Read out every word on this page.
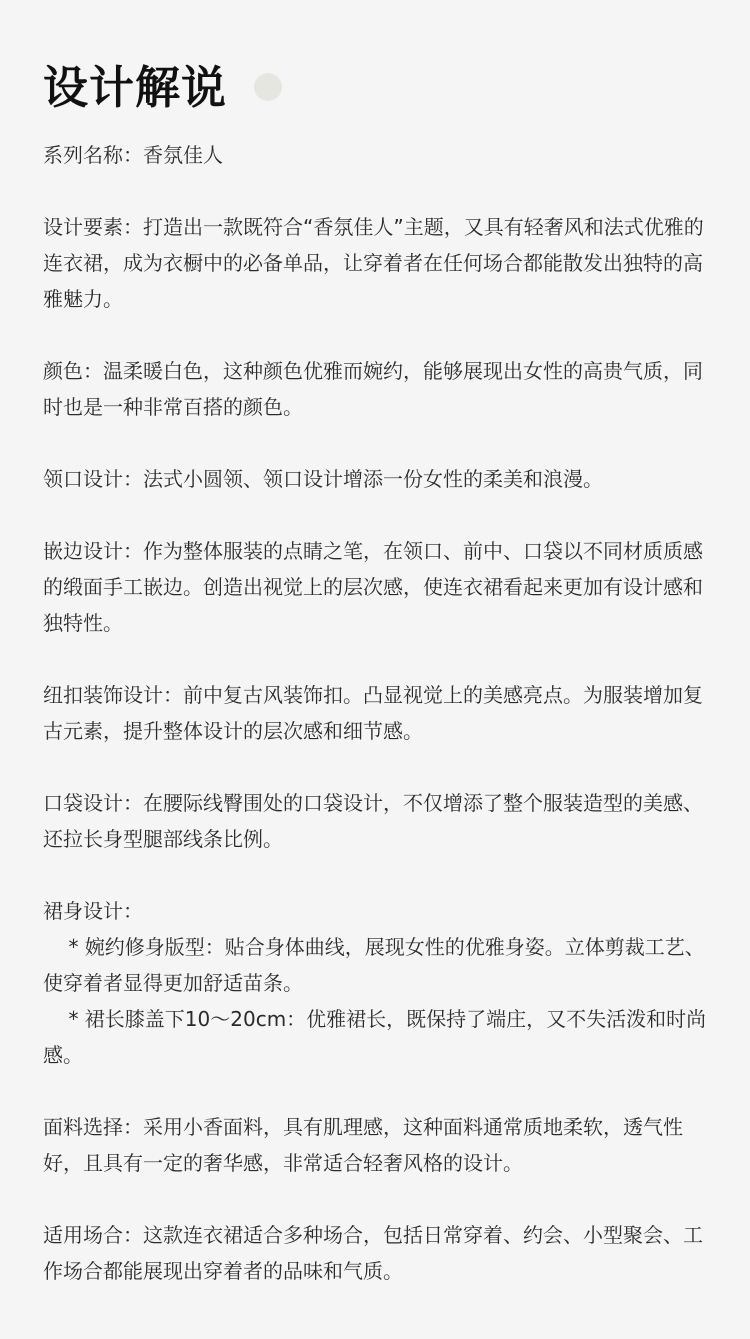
设计解说

系列名称：香氛佳人

设计要素：打造出一款既符合“香氛佳人”主题，又具有轻奢风和法式优雅的连衣裙，成为衣橱中的必备单品，让穿着者在任何场合都能散发出独特的高雅魅力。

颜色：温柔暖白色，这种颜色优雅而婉约，能够展现出女性的高贵气质，同时也是一种非常百搭的颜色。

领口设计：法式小圆领、领口设计增添一份女性的柔美和浪漫。

嵌边设计：作为整体服装的点睛之笔，在领口、前中、口袋以不同材质质感的缎面手工嵌边。创造出视觉上的层次感，使连衣裙看起来更加有设计感和独特性。

纽扣装饰设计：前中复古风装饰扣。凸显视觉上的美感亮点。为服装增加复古元素，提升整体设计的层次感和细节感。

口袋设计：在腰际线臀围处的口袋设计，不仅增添了整个服装造型的美感、还拉长身型腿部线条比例。

裙身设计：
* 婉约修身版型：贴合身体曲线，展现女性的优雅身姿。立体剪裁工艺、使穿着者显得更加舒适苗条。
* 裙长膝盖下10～20cm：优雅裙长，既保持了端庄，又不失活泼和时尚感。

面料选择：采用小香面料，具有肌理感，这种面料通常质地柔软，透气性好，且具有一定的奢华感，非常适合轻奢风格的设计。

适用场合：这款连衣裙适合多种场合，包括日常穿着、约会、小型聚会、工作场合都能展现出穿着者的品味和气质。
